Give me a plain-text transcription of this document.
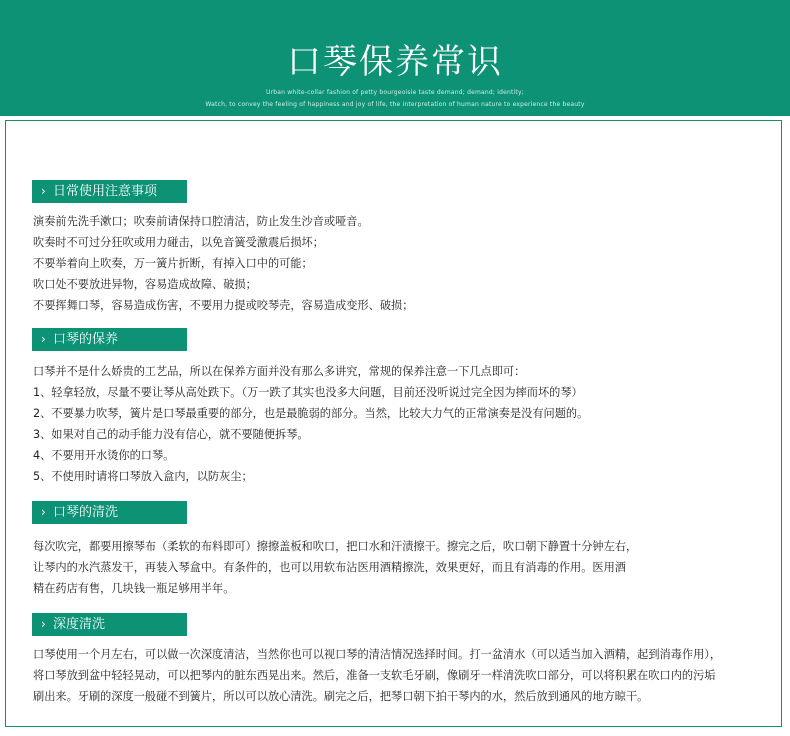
口琴保养常识
Urban white-collar fashion of petty bourgeoisie taste demand; demand; identity;
Watch, to convey the feeling of happiness and joy of life, the interpretation of human nature to experience the beauty
› 日常使用注意事项
演奏前先洗手漱口；吹奏前请保持口腔清洁，防止发生沙音或哑音。
吹奏时不可过分狂吹或用力碰击，以免音簧受激震后损坏；
不要举着向上吹奏，万一簧片折断，有掉入口中的可能；
吹口处不要放进异物，容易造成故障、破损；
不要挥舞口琴，容易造成伤害，不要用力提或咬琴壳，容易造成变形、破损；
› 口琴的保养
口琴并不是什么娇贵的工艺品，所以在保养方面并没有那么多讲究，常规的保养注意一下几点即可：
1、轻拿轻放，尽量不要让琴从高处跌下。（万一跌了其实也没多大问题，目前还没听说过完全因为摔而坏的琴）
2、不要暴力吹琴，簧片是口琴最重要的部分，也是最脆弱的部分。当然，比较大力气的正常演奏是没有问题的。
3、如果对自己的动手能力没有信心，就不要随便拆琴。
4、不要用开水烫你的口琴。
5、不使用时请将口琴放入盒内，以防灰尘；
› 口琴的清洗
每次吹完，都要用擦琴布（柔软的布料即可）擦擦盖板和吹口，把口水和汗渍擦干。擦完之后，吹口朝下静置十分钟左右，
让琴内的水汽蒸发干，再装入琴盒中。有条件的，也可以用软布沾医用酒精擦洗，效果更好，而且有消毒的作用。医用酒
精在药店有售，几块钱一瓶足够用半年。
› 深度清洗
口琴使用一个月左右，可以做一次深度清洁，当然你也可以视口琴的清洁情况选择时间。打一盆清水（可以适当加入酒精，起到消毒作用），
将口琴放到盆中轻轻晃动，可以把琴内的脏东西晃出来。然后，准备一支软毛牙刷，像刷牙一样清洗吹口部分，可以将积累在吹口内的污垢
刷出来。牙刷的深度一般碰不到簧片，所以可以放心清洗。刷完之后，把琴口朝下拍干琴内的水，然后放到通风的地方晾干。
